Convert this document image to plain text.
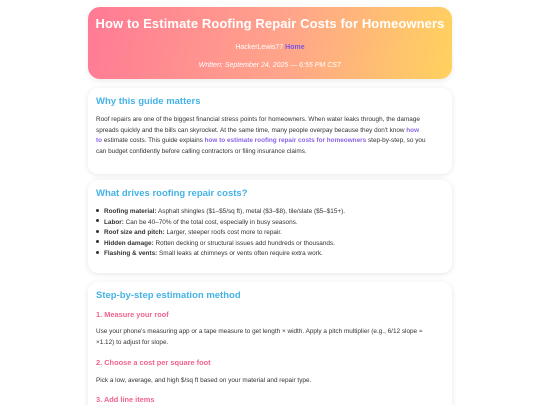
How to Estimate Roofing Repair Costs for Homeowners
HackerLewis77 Home
Written: September 24, 2025 — 6:55 PM CST
Why this guide matters
Roof repairs are one of the biggest financial stress points for homeowners. When water leaks through, the damage
spreads quickly and the bills can skyrocket. At the same time, many people overpay because they don't know how
to estimate costs. This guide explains how to estimate roofing repair costs for homeowners step-by-step, so you
can budget confidently before calling contractors or filing insurance claims.
What drives roofing repair costs?
Roofing material: Asphalt shingles ($1–$5/sq ft), metal ($3–$8), tile/slate ($5–$15+).
Labor: Can be 40–70% of the total cost, especially in busy seasons.
Roof size and pitch: Larger, steeper roofs cost more to repair.
Hidden damage: Rotten decking or structural issues add hundreds or thousands.
Flashing & vents: Small leaks at chimneys or vents often require extra work.
Step-by-step estimation method
1. Measure your roof
Use your phone's measuring app or a tape measure to get length × width. Apply a pitch multiplier (e.g., 6/12 slope ≈
×1.12) to adjust for slope.
2. Choose a cost per square foot
Pick a low, average, and high $/sq ft based on your material and repair type.
3. Add line items
